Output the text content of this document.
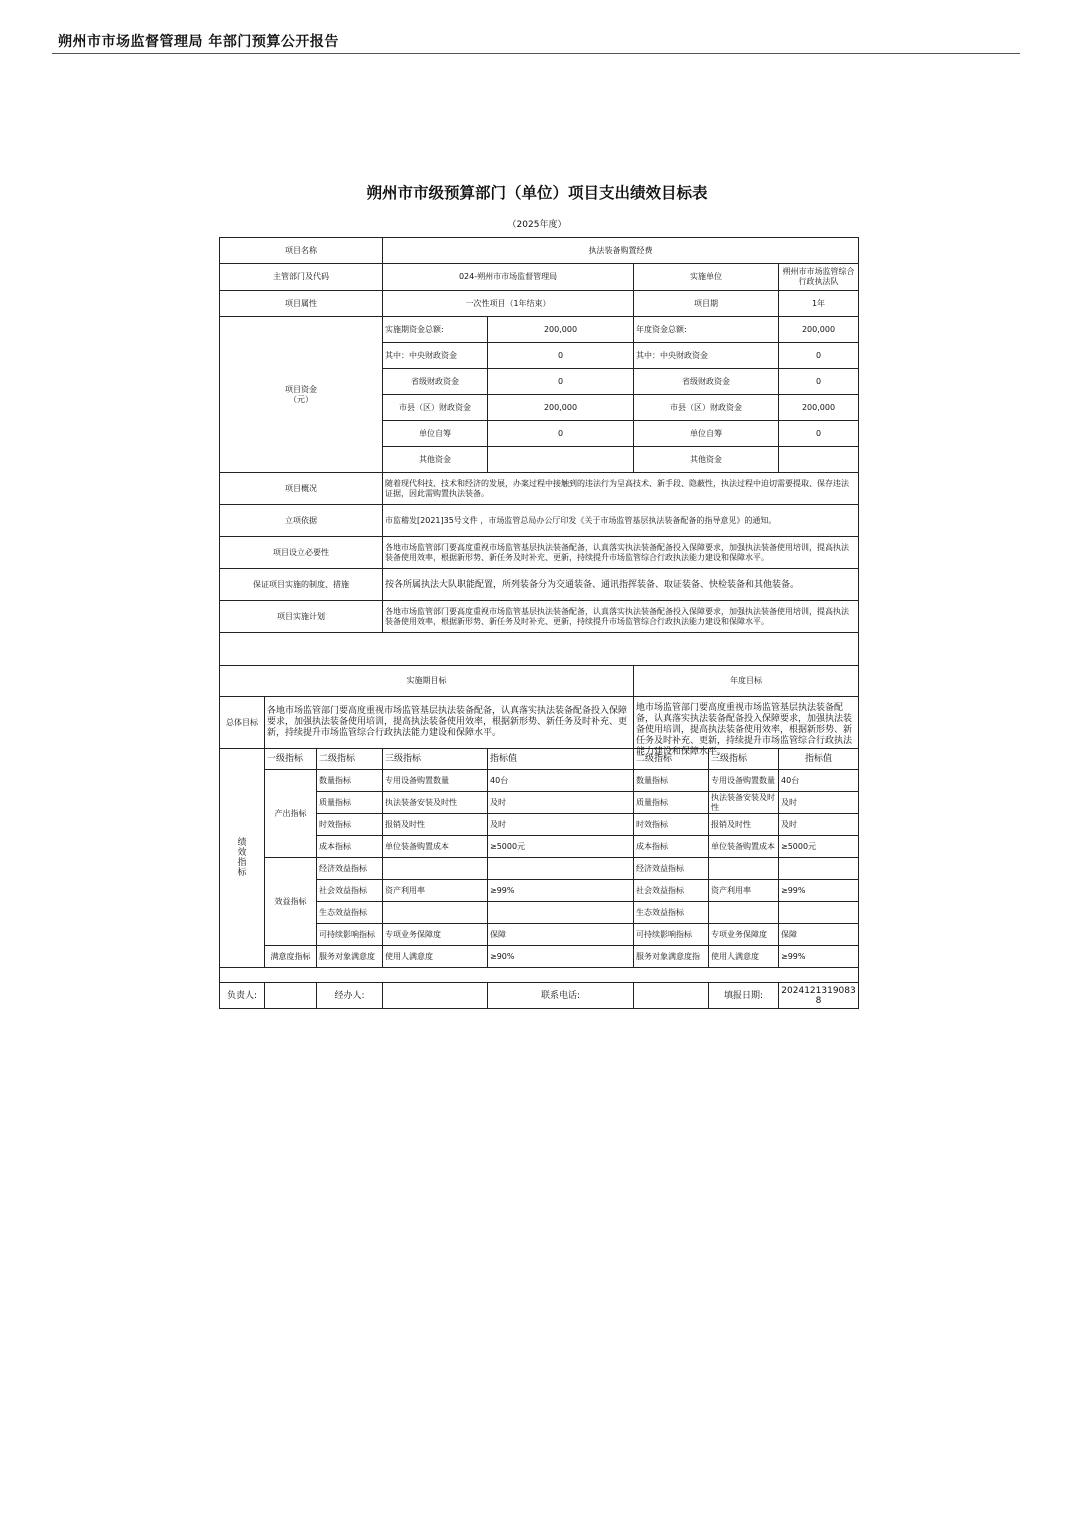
朔州市市场监督管理局 年部门预算公开报告
朔州市市级预算部门（单位）项目支出绩效目标表
（2025年度）
项目名称			执法装备购置经费				
主管部门及代码			024-朔州市市场监督管理局		实施单位		朔州市市场监管综合行政执法队
项目属性			一次性项目（1年结束）		项目期		1年

项目资金
（元）			实施期资金总额:	200,000	年度资金总额:		200,000
			其中：中央财政资金	0	其中：中央财政资金		0
			省级财政资金	0	省级财政资金		0
			市县（区）财政资金	200,000	市县（区）财政资金		200,000
			单位自筹	0	单位自筹		0
			其他资金		其他资金		
项目概况			随着现代科技、技术和经济的发展，办案过程中接触到的违法行为呈高技术、新手段、隐蔽性，执法过程中迫切需要提取、保存违法证据，因此需购置执法装备。				

立项依据			市监稽发[2021]35号文件 ，市场监管总局办公厅印发《关于市场监管基层执法装备配备的指导意见》的通知。				

项目设立必要性			各地市场监管部门要高度重视市场监管基层执法装备配备，认真落实执法装备配备投入保障要求，加强执法装备使用培训，提高执法装备使用效率，根据新形势、新任务及时补充、更新，持续提升市场监管综合行政执法能力建设和保障水平。				

保证项目实施的制度、措施			按各所属执法大队职能配置，所列装备分为交通装备、通讯指挥装备、取证装备、快检装备和其他装备。				

项目实施计划			各地市场监管部门要高度重视市场监管基层执法装备配备，认真落实执法装备配备投入保障要求，加强执法装备使用培训，提高执法装备使用效率，根据新形势、新任务及时补充、更新，持续提升市场监管综合行政执法能力建设和保障水平。				

实施期目标					年度目标		
总体目标	各地市场监管部门要高度重视市场监管基层执法装备配备，认真落实执法装备配备投入保障要求，加强执法装备使用培训，提高执法装备使用效率，根据新形势、新任务及时补充、更新，持续提升市场监管综合行政执法能力建设和保障水平。				地市场监管部门要高度重视市场监管基层执法装备配备，认真落实执法装备配备投入保障要求，加强执法装备使用培训，提高执法装备使用效率，根据新形势、新任务及时补充、更新，持续提升市场监管综合行政执法能力建设和保障水平。		

绩
效
指
标	一级指标	二级指标	三级指标	指标值	二级指标	三级指标	指标值
	产出指标	数量指标	专用设备购置数量	40台	数量指标	专用设备购置数量	40台
		质量指标	执法装备安装及时性	及时	质量指标	执法装备安装及时性	及时
		时效指标	报销及时性	及时	时效指标	报销及时性	及时
		成本指标	单位装备购置成本	≥5000元	成本指标	单位装备购置成本	≥5000元
	效益指标	经济效益指标			经济效益指标		
		社会效益指标	资产利用率	≥99%	社会效益指标	资产利用率	≥99%
		生态效益指标			生态效益指标		
		可持续影响指标	专项业务保障度	保障	可持续影响指标	专项业务保障度	保障
	满意度指标	服务对象满意度	使用人满意度	≥90%	服务对象满意度指	使用人满意度	≥99%

负责人:		经办人:		联系电话:		填报日期:	20241213190838
